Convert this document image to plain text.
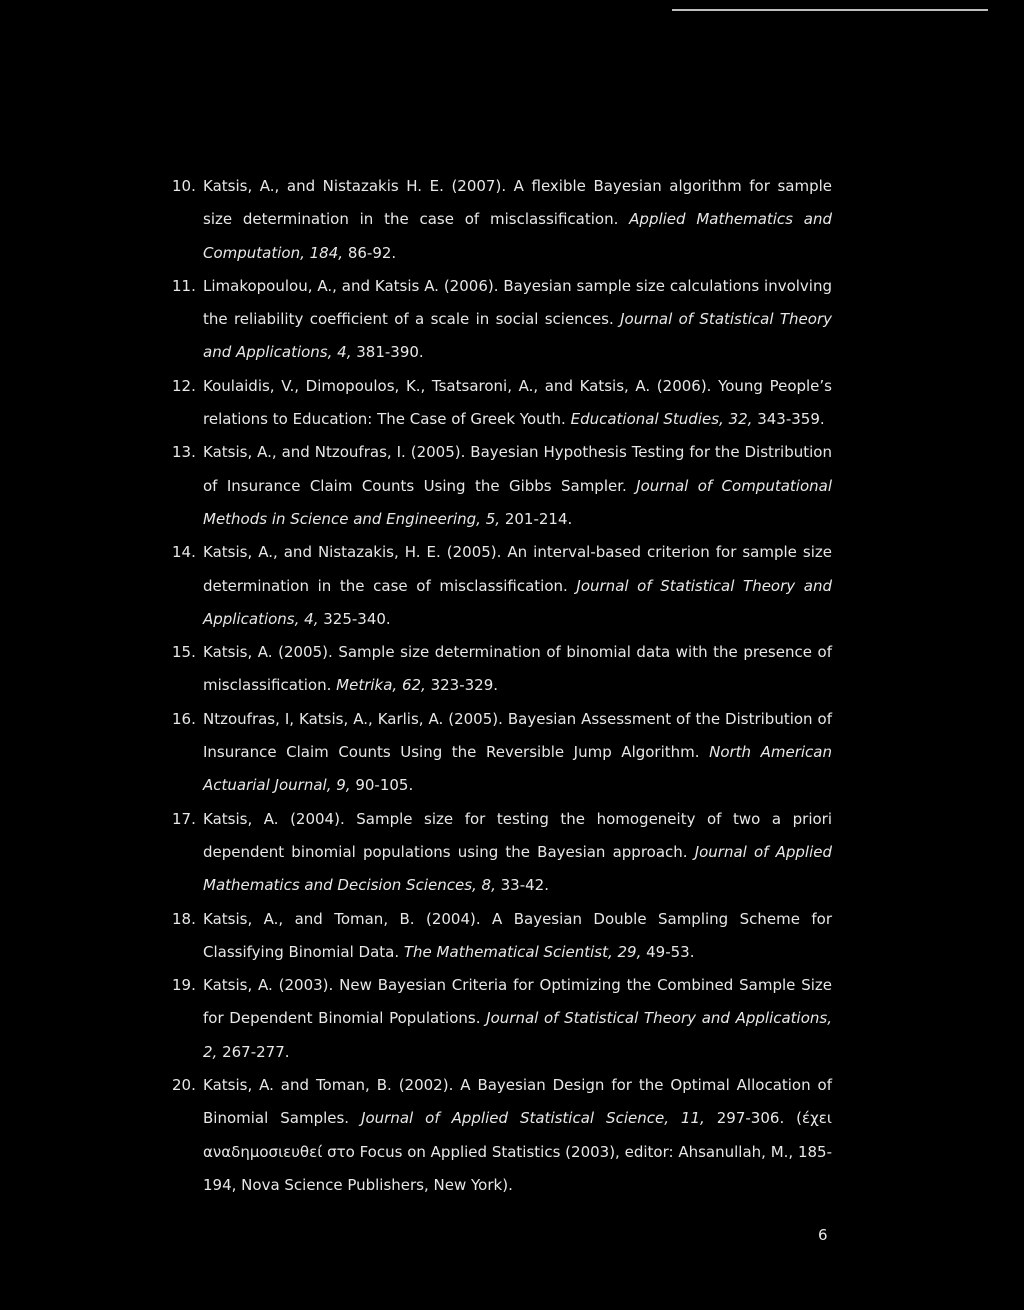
10. Katsis, A., and Nistazakis H. E. (2007). A flexible Bayesian algorithm for sample size determination in the case of misclassification. Applied Mathematics and Computation, 184, 86-92.
11. Limakopoulou, A., and Katsis A. (2006). Bayesian sample size calculations involving the reliability coefficient of a scale in social sciences. Journal of Statistical Theory and Applications, 4, 381-390.
12. Koulaidis, V., Dimopoulos, K., Tsatsaroni, A., and Katsis, A. (2006). Young People’s relations to Education: The Case of Greek Youth. Educational Studies, 32, 343-359.
13. Katsis, A., and Ntzoufras, I. (2005). Bayesian Hypothesis Testing for the Distribution of Insurance Claim Counts Using the Gibbs Sampler. Journal of Computational Methods in Science and Engineering, 5, 201-214.
14. Katsis, A., and Nistazakis, H. E. (2005). An interval-based criterion for sample size determination in the case of misclassification. Journal of Statistical Theory and Applications, 4, 325-340.
15. Katsis, A. (2005). Sample size determination of binomial data with the presence of misclassification. Metrika, 62, 323-329.
16. Ntzoufras, I, Katsis, A., Karlis, A. (2005). Bayesian Assessment of the Distribution of Insurance Claim Counts Using the Reversible Jump Algorithm. North American Actuarial Journal, 9, 90-105.
17. Katsis, A. (2004). Sample size for testing the homogeneity of two a priori dependent binomial populations using the Bayesian approach. Journal of Applied Mathematics and Decision Sciences, 8, 33-42.
18. Katsis, A., and Toman, B. (2004). A Bayesian Double Sampling Scheme for Classifying Binomial Data. The Mathematical Scientist, 29, 49-53.
19. Katsis, A. (2003). New Bayesian Criteria for Optimizing the Combined Sample Size for Dependent Binomial Populations. Journal of Statistical Theory and Applications, 2, 267-277.
20. Katsis, A. and Toman, B. (2002). A Bayesian Design for the Optimal Allocation of Binomial Samples. Journal of Applied Statistical Science, 11, 297-306. (έχει αναδημοσιευθεί στο Focus on Applied Statistics (2003), editor: Ahsanullah, M., 185-194, Nova Science Publishers, New York).
6
